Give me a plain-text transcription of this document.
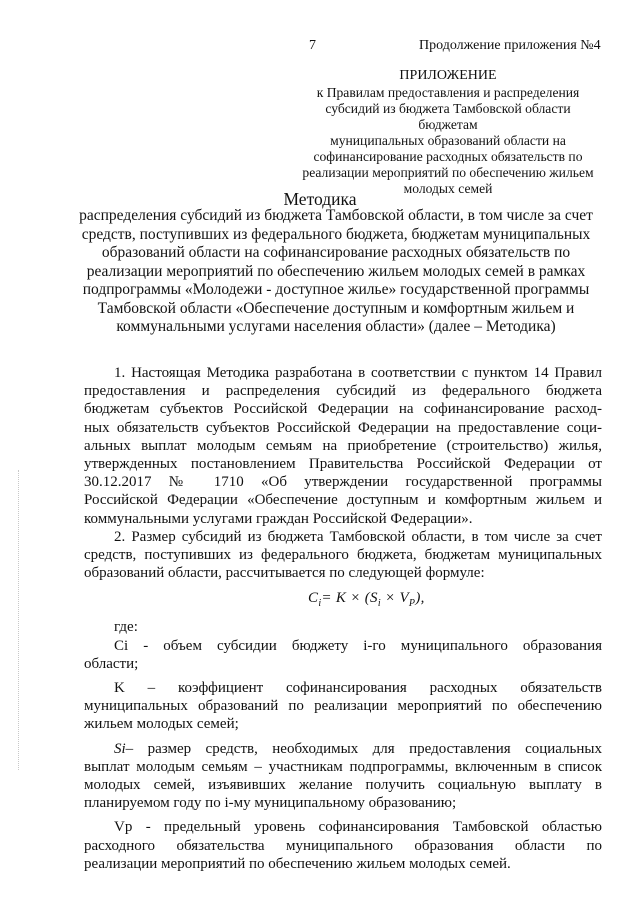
7	Продолжение приложения №4
ПРИЛОЖЕНИЕ
к Правилам предоставления и распределения
субсидий из бюджета Тамбовской области бюджетам
муниципальных образований области на
софинансирование расходных обязательств по
реализации мероприятий по обеспечению жильем
молодых семей
Методика
распределения субсидий из бюджета Тамбовской области, в том числе за счет
средств, поступивших из федерального бюджета, бюджетам муниципальных
образований области на софинансирование расходных обязательств по
реализации мероприятий по обеспечению жильем молодых семей в рамках
подпрограммы «Молодежи - доступное жилье» государственной программы
Тамбовской области «Обеспечение доступным и комфортным жильем и
коммунальными услугами населения области» (далее – Методика)
1. Настоящая Методика разработана в соответствии с пунктом 14 Правил
предоставления и распределения субсидий из федерального бюджета
бюджетам субъектов Российской Федерации на софинансирование расход-
ных обязательств субъектов Российской Федерации на предоставление соци-
альных выплат молодым семьям на приобретение (строительство) жилья,
утвержденных постановлением Правительства Российской Федерации от
30.12.2017 № 1710 «Об утверждении государственной программы
Российской Федерации «Обеспечение доступным и комфортным жильем и
коммунальными услугами граждан Российской Федерации».
2. Размер субсидий из бюджета Тамбовской области, в том числе за счет
средств, поступивших из федерального бюджета, бюджетам муниципальных
образований области, рассчитывается по следующей формуле:
где:
Ci - объем субсидии бюджету i-го муниципального образования
области;
K – коэффициент софинансирования расходных обязательств
муниципальных образований по реализации мероприятий по обеспечению
жильем молодых семей;
Si– размер средств, необходимых для предоставления социальных
выплат молодым семьям – участникам подпрограммы, включенным в список
молодых семей, изъявивших желание получить социальную выплату в
планируемом году по i-му муниципальному образованию;
Vp - предельный уровень софинансирования Тамбовской областью
расходного обязательства муниципального образования области по
реализации мероприятий по обеспечению жильем молодых семей.
$C_i= K \times (S_i \times V_P)$,
